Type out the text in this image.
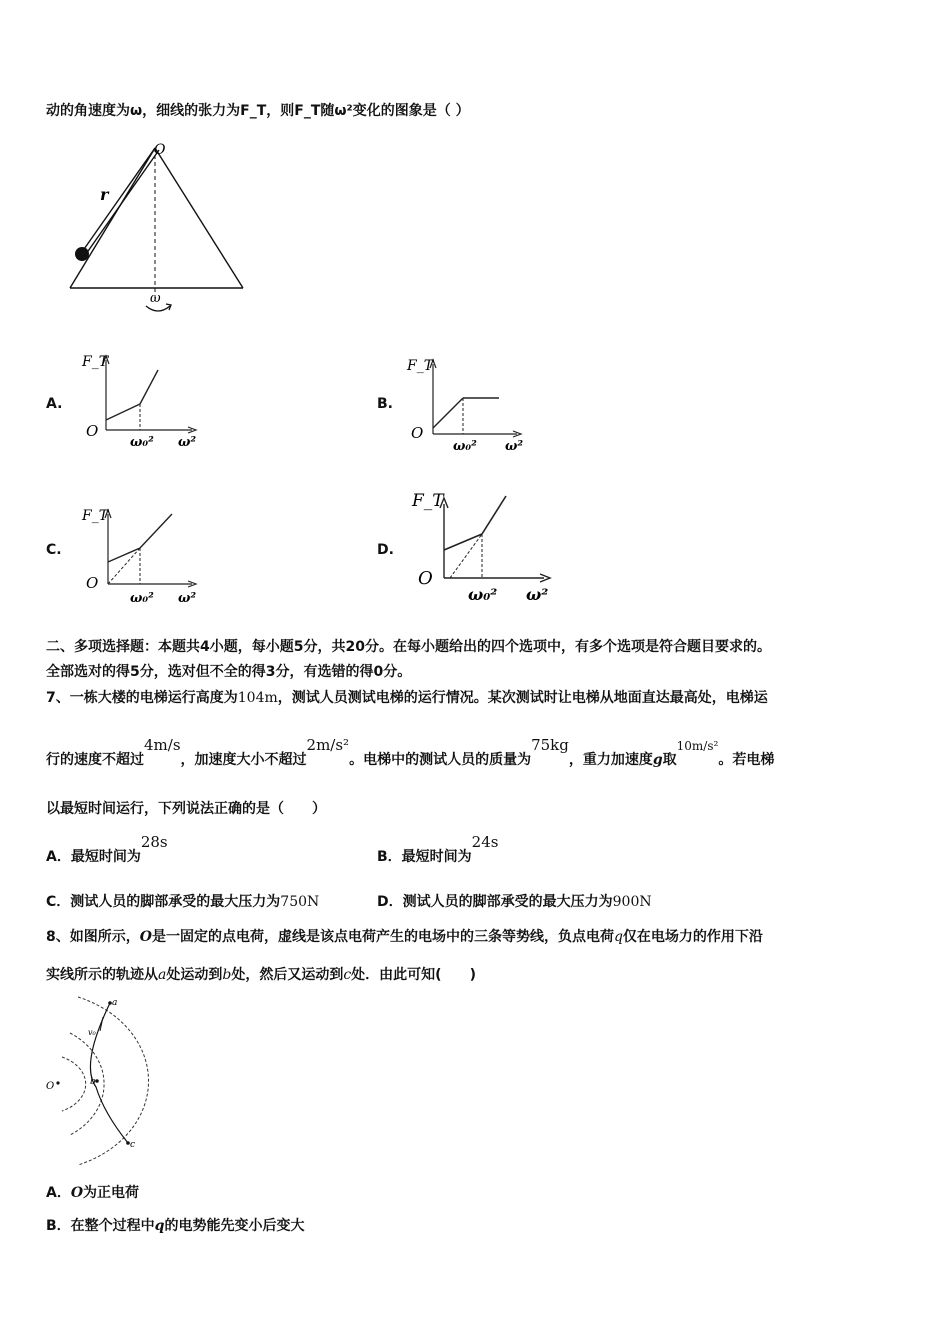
动的角速度为ω，细线的张力为F_T，则F_T随ω²变化的图象是（ ）
O
r
ω
A.
F_T
O
ω₀² ω²
B.
F_T
O
ω₀² ω²
C.
F_T
O
ω₀² ω²
D.
F_T
O
ω₀² ω²
二、多项选择题：本题共4小题，每小题5分，共20分。在每小题给出的四个选项中，有多个选项是符合题目要求的。
全部选对的得5分，选对但不全的得3分，有选错的得0分。
7、一栋大楼的电梯运行高度为104m，测试人员测试电梯的运行情况。某次测试时让电梯从地面直达最高处，电梯运
行的速度不超过4m/s，加速度大小不超过2m/s²。电梯中的测试人员的质量为75kg，重力加速度g取10m/s²。若电梯
以最短时间运行，下列说法正确的是（　　）
A．最短时间为28s
B．最短时间为24s
C．测试人员的脚部承受的最大压力为750N	D．测试人员的脚部承受的最大压力为900N
8、如图所示，O是一固定的点电荷，虚线是该点电荷产生的电场中的三条等势线，负点电荷q仅在电场力的作用下沿
实线所示的轨迹从a处运动到b处，然后又运动到c处．由此可知(　　)
O
a
v₀
b
c
A．O为正电荷
B．在整个过程中q的电势能先变小后变大
